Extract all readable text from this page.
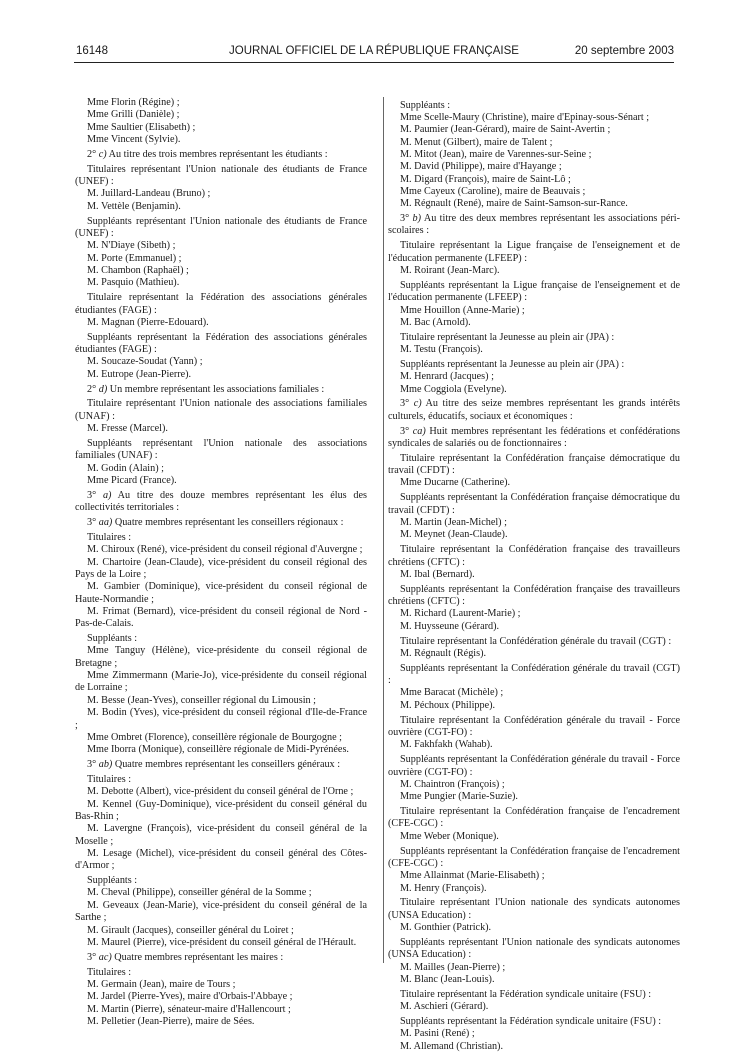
16148	JOURNAL OFFICIEL DE LA RÉPUBLIQUE FRANÇAISE	20 septembre 2003

Mme Florin (Régine) ;

Mme Grilli (Danièle) ;

Mme Saultier (Elisabeth) ;

Mme Vincent (Sylvie).

2° c) Au titre des trois membres représentant les étudiants :

Titulaires représentant l'Union nationale des étudiants de France (UNEF) :

M. Juillard-Landeau (Bruno) ;

M. Vettèle (Benjamin).

Suppléants représentant l'Union nationale des étudiants de France (UNEF) :

M. N'Diaye (Sibeth) ;

M. Porte (Emmanuel) ;

M. Chambon (Raphaël) ;

M. Pasquio (Mathieu).

Titulaire représentant la Fédération des associations générales étudiantes (FAGE) :

M. Magnan (Pierre-Edouard).

Suppléants représentant la Fédération des associations générales étudiantes (FAGE) :

M. Soucaze-Soudat (Yann) ;

M. Eutrope (Jean-Pierre).

2° d) Un membre représentant les associations familiales :

Titulaire représentant l'Union nationale des associations familiales (UNAF) :

M. Fresse (Marcel).

Suppléants représentant l'Union nationale des associations familiales (UNAF) :

M. Godin (Alain) ;

Mme Picard (France).

3° a) Au titre des douze membres représentant les élus des collectivités territoriales :

3° aa) Quatre membres représentant les conseillers régionaux :

Titulaires :

M. Chiroux (René), vice-président du conseil régional d'Auvergne ;

M. Chartoire (Jean-Claude), vice-président du conseil régional des Pays de la Loire ;

M. Gambier (Dominique), vice-président du conseil régional de Haute-Normandie ;

M. Frimat (Bernard), vice-président du conseil régional de Nord - Pas-de-Calais.

Suppléants :

Mme Tanguy (Hélène), vice-présidente du conseil régional de Bretagne ;

Mme Zimmermann (Marie-Jo), vice-présidente du conseil régional de Lorraine ;

M. Besse (Jean-Yves), conseiller régional du Limousin ;

M. Bodin (Yves), vice-président du conseil régional d'Ile-de-France ;

Mme Ombret (Florence), conseillère régionale de Bourgogne ;

Mme Iborra (Monique), conseillère régionale de Midi-Pyrénées.

3° ab) Quatre membres représentant les conseillers généraux :

Titulaires :

M. Debotte (Albert), vice-président du conseil général de l'Orne ;

M. Kennel (Guy-Dominique), vice-président du conseil général du Bas-Rhin ;

M. Lavergne (François), vice-président du conseil général de la Moselle ;

M. Lesage (Michel), vice-président du conseil général des Côtes-d'Armor ;

Suppléants :

M. Cheval (Philippe), conseiller général de la Somme ;

M. Geveaux (Jean-Marie), vice-président du conseil général de la Sarthe ;

M. Girault (Jacques), conseiller général du Loiret ;

M. Maurel (Pierre), vice-président du conseil général de l'Hérault.

3° ac) Quatre membres représentant les maires :

Titulaires :

M. Germain (Jean), maire de Tours ;

M. Jardel (Pierre-Yves), maire d'Orbais-l'Abbaye ;

M. Martin (Pierre), sénateur-maire d'Hallencourt ;

M. Pelletier (Jean-Pierre), maire de Sées.

Suppléants :

Mme Scelle-Maury (Christine), maire d'Epinay-sous-Sénart ;

M. Paumier (Jean-Gérard), maire de Saint-Avertin ;

M. Menut (Gilbert), maire de Talent ;

M. Mitot (Jean), maire de Varennes-sur-Seine ;

M. David (Philippe), maire d'Hayange ;

M. Digard (François), maire de Saint-Lô ;

Mme Cayeux (Caroline), maire de Beauvais ;

M. Régnault (René), maire de Saint-Samson-sur-Rance.

3° b) Au titre des deux membres représentant les associations péri-scolaires :

Titulaire représentant la Ligue française de l'enseignement et de l'éducation permanente (LFEEP) :

M. Roirant (Jean-Marc).

Suppléants représentant la Ligue française de l'enseignement et de l'éducation permanente (LFEEP) :

Mme Houillon (Anne-Marie) ;

M. Bac (Arnold).

Titulaire représentant la Jeunesse au plein air (JPA) :

M. Testu (François).

Suppléants représentant la Jeunesse au plein air (JPA) :

M. Henrard (Jacques) ;

Mme Coggiola (Evelyne).

3° c) Au titre des seize membres représentant les grands intérêts culturels, éducatifs, sociaux et économiques :

3° ca) Huit membres représentant les fédérations et confédérations syndicales de salariés ou de fonctionnaires :

Titulaire représentant la Confédération française démocratique du travail (CFDT) :

Mme Ducarne (Catherine).

Suppléants représentant la Confédération française démocratique du travail (CFDT) :

M. Martin (Jean-Michel) ;

M. Meynet (Jean-Claude).

Titulaire représentant la Confédération française des travailleurs chrétiens (CFTC) :

M. Ibal (Bernard).

Suppléants représentant la Confédération française des travailleurs chrétiens (CFTC) :

M. Richard (Laurent-Marie) ;

M. Huysseune (Gérard).

Titulaire représentant la Confédération générale du travail (CGT) :

M. Régnault (Régis).

Suppléants représentant la Confédération générale du travail (CGT) :

Mme Baracat (Michèle) ;

M. Péchoux (Philippe).

Titulaire représentant la Confédération générale du travail - Force ouvrière (CGT-FO) :

M. Fakhfakh (Wahab).

Suppléants représentant la Confédération générale du travail - Force ouvrière (CGT-FO) :

M. Chaintron (François) ;

Mme Pungier (Marie-Suzie).

Titulaire représentant la Confédération française de l'encadrement (CFE-CGC) :

Mme Weber (Monique).

Suppléants représentant la Confédération française de l'encadrement (CFE-CGC) :

Mme Allainmat (Marie-Elisabeth) ;

M. Henry (François).

Titulaire représentant l'Union nationale des syndicats autonomes (UNSA Education) :

M. Gonthier (Patrick).

Suppléants représentant l'Union nationale des syndicats autonomes (UNSA Education) :

M. Mailles (Jean-Pierre) ;

M. Blanc (Jean-Louis).

Titulaire représentant la Fédération syndicale unitaire (FSU) :

M. Aschieri (Gérard).

Suppléants représentant la Fédération syndicale unitaire (FSU) :

M. Pasini (René) ;

M. Allemand (Christian).
